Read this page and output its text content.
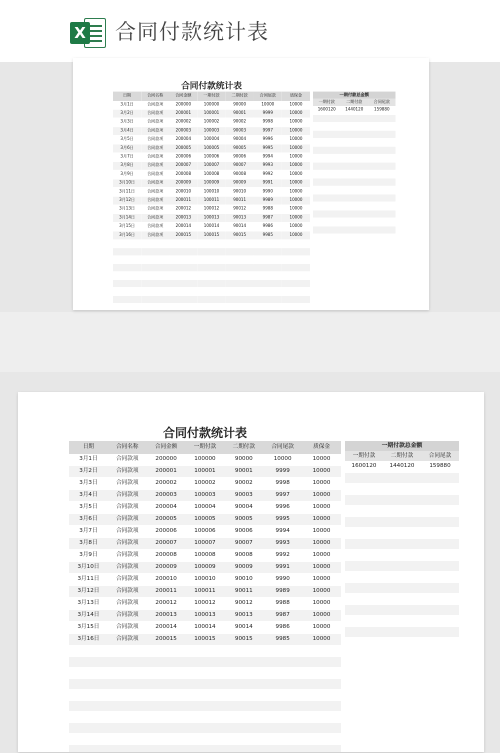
X 合同付款统计表
合同付款统计表
日期	合同名称	合同金额	一期付款	二期付款	合同尾款	质保金
3月1日	合同款项	200000	100000	90000	10000	10000
3月2日	合同款项	200001	100001	90001	9999	10000
3月3日	合同款项	200002	100002	90002	9998	10000
3月4日	合同款项	200003	100003	90003	9997	10000
3月5日	合同款项	200004	100004	90004	9996	10000
3月6日	合同款项	200005	100005	90005	9995	10000
3月7日	合同款项	200006	100006	90006	9994	10000
3月8日	合同款项	200007	100007	90007	9993	10000
3月9日	合同款项	200008	100008	90008	9992	10000
3月10日	合同款项	200009	100009	90009	9991	10000
3月11日	合同款项	200010	100010	90010	9990	10000
3月12日	合同款项	200011	100011	90011	9989	10000
3月13日	合同款项	200012	100012	90012	9988	10000
3月14日	合同款项	200013	100013	90013	9987	10000
3月15日	合同款项	200014	100014	90014	9986	10000
3月16日	合同款项	200015	100015	90015	9985	10000

一期付款总金额		
一期付款	二期付款	合同尾款
1600120	1440120	159880

合同付款统计表
日期	合同名称	合同金额	一期付款	二期付款	合同尾款	质保金
3月1日	合同款项	200000	100000	90000	10000	10000
3月2日	合同款项	200001	100001	90001	9999	10000
3月3日	合同款项	200002	100002	90002	9998	10000
3月4日	合同款项	200003	100003	90003	9997	10000
3月5日	合同款项	200004	100004	90004	9996	10000
3月6日	合同款项	200005	100005	90005	9995	10000
3月7日	合同款项	200006	100006	90006	9994	10000
3月8日	合同款项	200007	100007	90007	9993	10000
3月9日	合同款项	200008	100008	90008	9992	10000
3月10日	合同款项	200009	100009	90009	9991	10000
3月11日	合同款项	200010	100010	90010	9990	10000
3月12日	合同款项	200011	100011	90011	9989	10000
3月13日	合同款项	200012	100012	90012	9988	10000
3月14日	合同款项	200013	100013	90013	9987	10000
3月15日	合同款项	200014	100014	90014	9986	10000
3月16日	合同款项	200015	100015	90015	9985	10000

一期付款总金额		
一期付款	二期付款	合同尾款
1600120	1440120	159880
